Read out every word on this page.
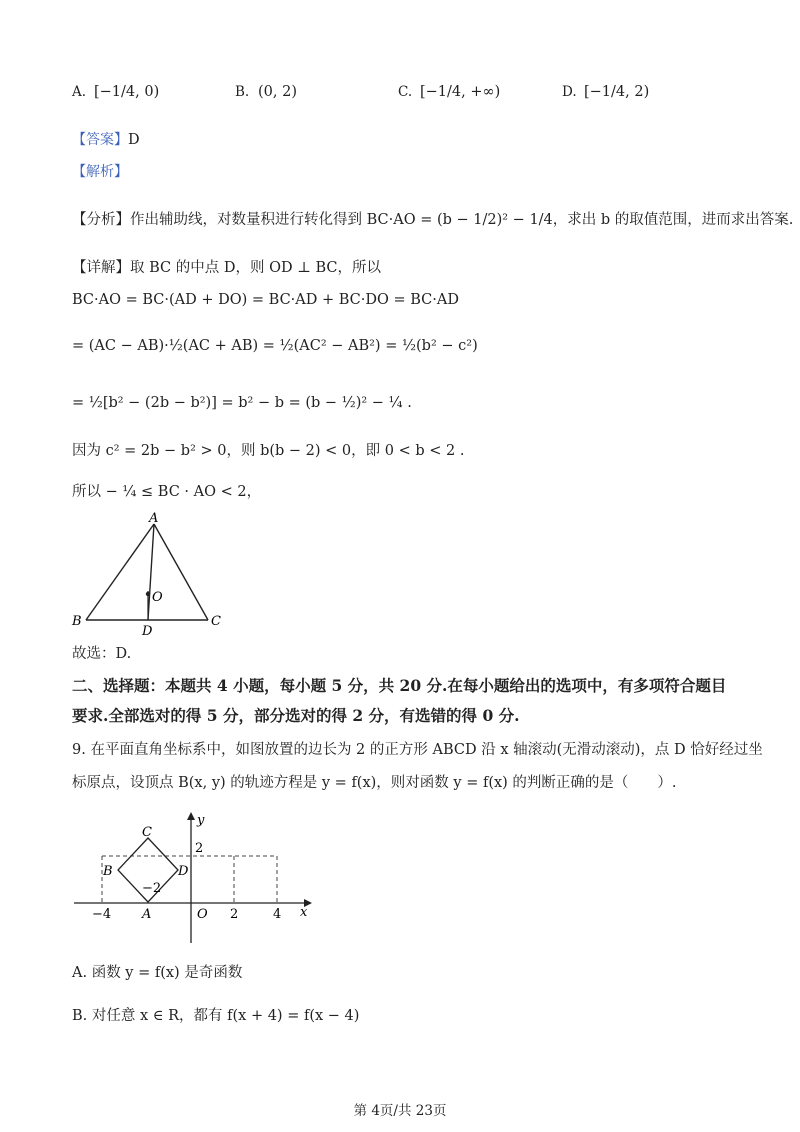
A. [−1/4, 0)	B. (0, 2)	C. [−1/4, +∞)	D. [−1/4, 2)
【答案】D
【解析】
【分析】作出辅助线，对数量积进行转化得到 BC·AO = (b − 1/2)² − 1/4，求出 b 的取值范围，进而求出答案.
【详解】取 BC 的中点 D，则 OD ⊥ BC，所以
BC·AO = BC·(AD + DO) = BC·AD + BC·DO = BC·AD
= (AC − AB)·½(AC + AB) = ½(AC² − AB²) = ½(b² − c²)
= ½[b² − (2b − b²)] = b² − b = (b − ½)² − ¼ .
因为 c² = 2b − b² > 0，则 b(b − 2) < 0，即 0 < b < 2 .
所以 − ¼ ≤ BC · AO < 2，
A
B	C
D
O
故选：D.
二、选择题：本题共 4 小题，每小题 5 分，共 20 分.在每小题给出的选项中，有多项符合题目
要求.全部选对的得 5 分，部分选对的得 2 分，有选错的得 0 分.
9. 在平面直角坐标系中，如图放置的边长为 2 的正方形 ABCD 沿 x 轴滚动(无滑动滚动)，点 D 恰好经过坐
标原点，设顶点 B(x, y) 的轨迹方程是 y = f(x)，则对函数 y = f(x) 的判断正确的是（　　）.
y
x
C
B	D
A	O
2
−2
−4	2	4
A. 函数 y = f(x) 是奇函数
B. 对任意 x ∈ R，都有 f(x + 4) = f(x − 4)
第 4页/共 23页
